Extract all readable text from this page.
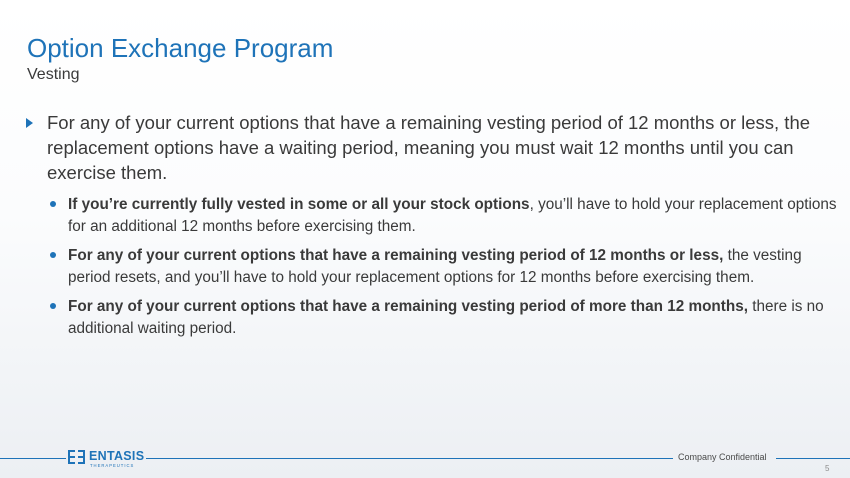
Option Exchange Program
Vesting
For any of your current options that have a remaining vesting period of 12 months or less, the replacement options have a waiting period, meaning you must wait 12 months until you can exercise them.
If you’re currently fully vested in some or all your stock options, you’ll have to hold your replacement options for an additional 12 months before exercising them.
For any of your current options that have a remaining vesting period of 12 months or less, the vesting period resets, and you’ll have to hold your replacement options for 12 months before exercising them.
For any of your current options that have a remaining vesting period of more than 12 months, there is no additional waiting period.
ENTASIS
THERAPEUTICS
Company Confidential
5
